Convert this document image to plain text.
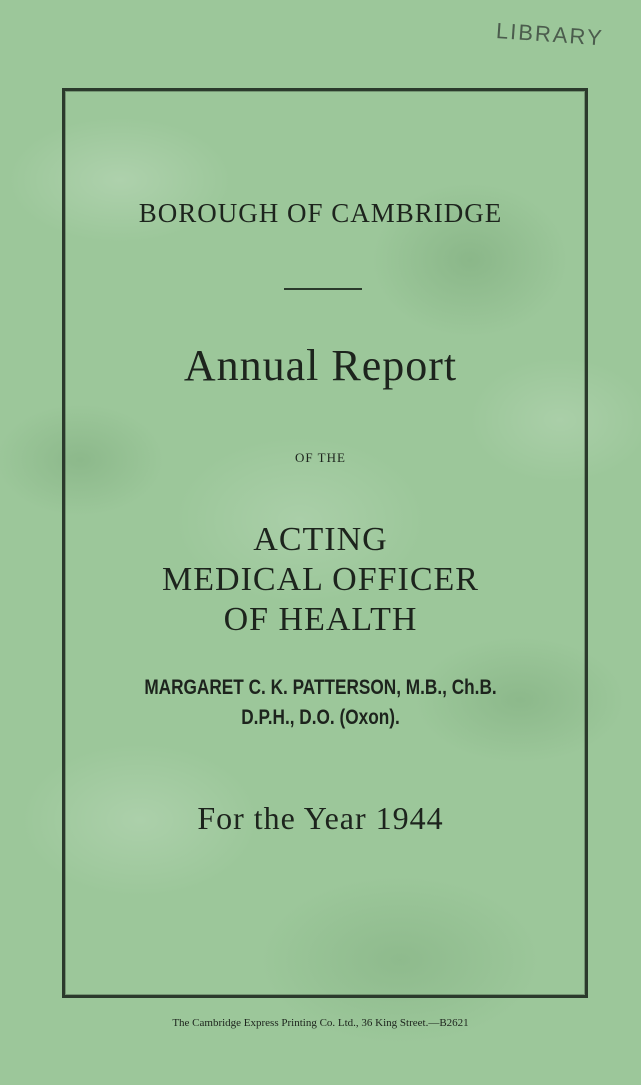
LIBRARY
BOROUGH OF CAMBRIDGE
Annual Report
OF THE
ACTING
MEDICAL OFFICER
OF HEALTH
MARGARET C. K. PATTERSON, M.B., Ch.B.
D.P.H., D.O. (Oxon).
For the Year 1944
The Cambridge Express Printing Co. Ltd., 36 King Street.—B2621
